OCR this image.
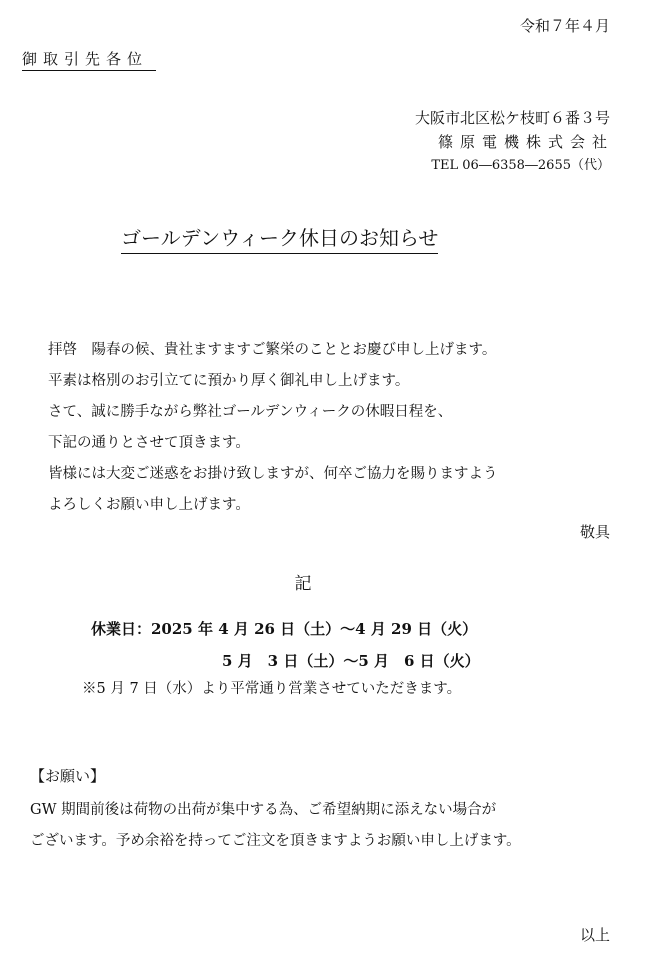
令和７年４月
御取引先各位
大阪市北区松ケ枝町６番３号
篠原電機株式会社
TEL 06―6358―2655（代）
ゴールデンウィーク休日のお知らせ
拝啓　陽春の候、貴社ますますご繁栄のこととお慶び申し上げます。
平素は格別のお引立てに預かり厚く御礼申し上げます。
さて、誠に勝手ながら弊社ゴールデンウィークの休暇日程を、
下記の通りとさせて頂きます。
皆様には大変ご迷惑をお掛け致しますが、何卒ご協力を賜りますよう
よろしくお願い申し上げます。
敬具
記
休業日：2025 年 4 月 26 日（土）～4 月 29 日（火）
5 月　3 日（土）～5 月　6 日（火）
※5 月 7 日（水）より平常通り営業させていただきます。
【お願い】
GW 期間前後は荷物の出荷が集中する為、ご希望納期に添えない場合が
ございます。予め余裕を持ってご注文を頂きますようお願い申し上げます。
以上
